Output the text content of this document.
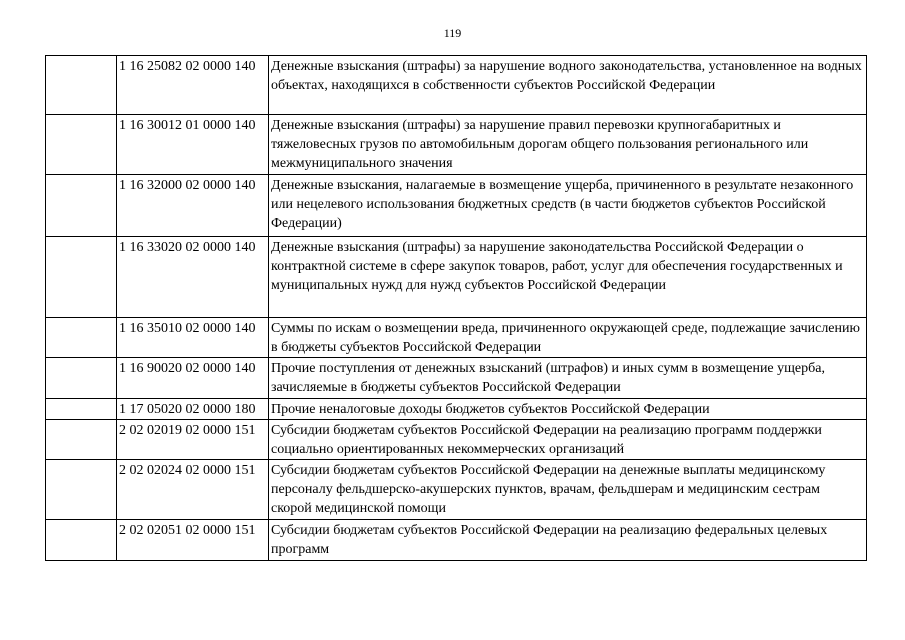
119
	1 16 25082 02 0000 140	Денежные взыскания (штрафы) за нарушение водного законодательства, установленное на водных объектах, находящихся в собственности субъектов Российской Федерации
	1 16 30012 01 0000 140	Денежные взыскания (штрафы) за нарушение правил перевозки крупногабаритных и тяжеловесных грузов по автомобильным дорогам общего пользования регионального или межмуниципального значения
	1 16 32000 02 0000 140	Денежные взыскания, налагаемые в возмещение ущерба, причиненного в результате незаконного или нецелевого использования бюджетных средств (в части бюджетов субъектов Российской Федерации)
	1 16 33020 02 0000 140	Денежные взыскания (штрафы) за нарушение законодательства Российской Федерации о контрактной системе в сфере закупок товаров, работ, услуг для обеспечения государственных и муниципальных нужд для нужд субъектов Российской Федерации
	1 16 35010 02 0000 140	Суммы по искам о возмещении вреда, причиненного окружающей среде, подлежащие зачислению в бюджеты субъектов Российской Федерации
	1 16 90020 02 0000 140	Прочие поступления от денежных взысканий (штрафов) и иных сумм в возмещение ущерба, зачисляемые в бюджеты субъектов Российской Федерации
	1 17 05020 02 0000 180	Прочие неналоговые доходы бюджетов субъектов Российской Федерации
	2 02 02019 02 0000 151	Субсидии бюджетам субъектов Российской Федерации на реализацию программ поддержки социально ориентированных некоммерческих организаций
	2 02 02024 02 0000 151	Субсидии бюджетам субъектов Российской Федерации на денежные выплаты медицинскому персоналу фельдшерско-акушерских пунктов, врачам, фельдшерам и медицинским сестрам скорой медицинской помощи
	2 02 02051 02 0000 151	Субсидии бюджетам субъектов Российской Федерации на реализацию федеральных целевых программ
